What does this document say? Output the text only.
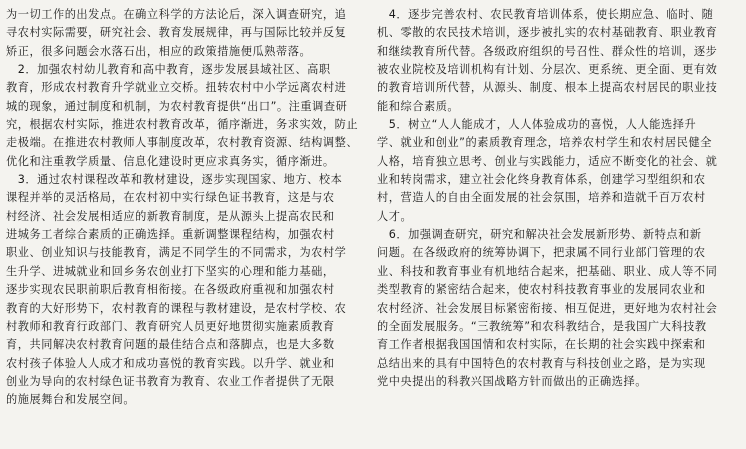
为一切工作的出发点。在确立科学的方法论后，深入调查研究，追
寻农村实际需要，研究社会、教育发展规律，再与国际比较并反复
矫正，很多问题会水落石出，相应的政策措施便瓜熟蒂落。
　2．加强农村幼儿教育和高中教育，逐步发展县域社区、高职
教育，形成农村教育升学就业立交桥。扭转农村中小学远离农村进
城的现象，通过制度和机制，为农村教育提供“出口”。注重调查研
究，根据农村实际，推进农村教育改革，循序渐进，务求实效，防止
走极端。在推进农村教师人事制度改革，农村教育资源、结构调整、
优化和注重教学质量、信息化建设时更应求真务实，循序渐进。
　3．通过农村课程改革和教材建设，逐步实现国家、地方、校本
课程并举的灵活格局，在农村初中实行绿色证书教育，这是与农
村经济、社会发展相适应的新教育制度，是从源头上提高农民和
进城务工者综合素质的正确选择。重新调整课程结构，加强农村
职业、创业知识与技能教育，满足不同学生的不同需求，为农村学
生升学、进城就业和回乡务农创业打下坚实的心理和能力基础，
逐步实现农民职前职后教育相衔接。在各级政府重视和加强农村
教育的大好形势下，农村教育的课程与教材建设，是农村学校、农
村教师和教育行政部门、教育研究人员更好地贯彻实施素质教育
育，共同解决农村教育问题的最佳结合点和落脚点，也是大多数
农村孩子体验人人成才和成功喜悦的教育实践。以升学、就业和
创业为导向的农村绿色证书教育为教育、农业工作者提供了无限
的施展舞台和发展空间。
　4．逐步完善农村、农民教育培训体系，使长期应急、临时、随
机、零散的农民技术培训，逐步被扎实的农村基础教育、职业教育
和继续教育所代替。各级政府组织的号召性、群众性的培训，逐步
被农业院校及培训机构有计划、分层次、更系统、更全面、更有效
的教育培训所代替，从源头、制度、根本上提高农村居民的职业技
能和综合素质。
　5．树立“人人能成才，人人体验成功的喜悦，人人能选择升
学、就业和创业”的素质教育理念，培养农村学生和农村居民健全
人格，培育独立思考、创业与实践能力，适应不断变化的社会、就
业和转岗需求，建立社会化终身教育体系，创建学习型组织和农
村，营造人的自由全面发展的社会氛围，培养和造就千百万农村
人才。
　6．加强调查研究，研究和解决社会发展新形势、新特点和新
问题。在各级政府的统筹协调下，把隶属不同行业部门管理的农
业、科技和教育事业有机地结合起来，把基础、职业、成人等不同
类型教育的紧密结合起来，使农村科技教育事业的发展同农业和
农村经济、社会发展目标紧密衔接、相互促进，更好地为农村社会
的全面发展服务。“三教统筹”和农科教结合，是我国广大科技教
育工作者根据我国国情和农村实际，在长期的社会实践中探索和
总结出来的具有中国特色的农村教育与科技创业之路，是为实现
党中央提出的科教兴国战略方针而做出的正确选择。
